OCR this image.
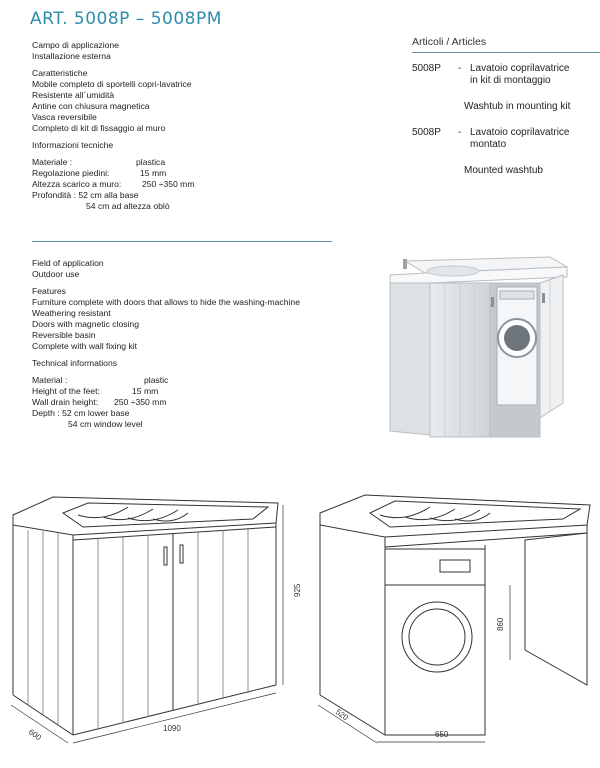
ART. 5008P – 5008PM

Campo di applicazione

Installazione esterna

Caratteristiche

Mobile completo di sportelli copri-lavatrice

Resistente all´umidità

Antine con chiusura magnetica

Vasca reversibile

Completo di kit di fissaggio al muro

Informazioni tecniche

Materiale :	plastica

Regolazione piedini:	15 mm

Altezza scarico a muro: 250 ÷350 mm

Profondità : 52 cm alla base

54 cm ad altezza oblò

Field of application

Outdoor use

Features

Furniture complete with doors that allows to hide the washing-machine

Weathering resistant

Doors with magnetic closing

Reversible basin

Complete with wall fixing kit

Technical informations

Material :	plastic

Height of the feet:	15 mm

Wall drain height: 250 ÷350 mm

Depth : 52 cm lower base

54 cm window level

Articoli / Articles
5008P	- Lavatoio coprilavatrice
in kit di montaggio
Washtub in mounting kit
5008P	- Lavatoio coprilavatrice
montato
Mounted washtub
1090
600
925
520
650
860
